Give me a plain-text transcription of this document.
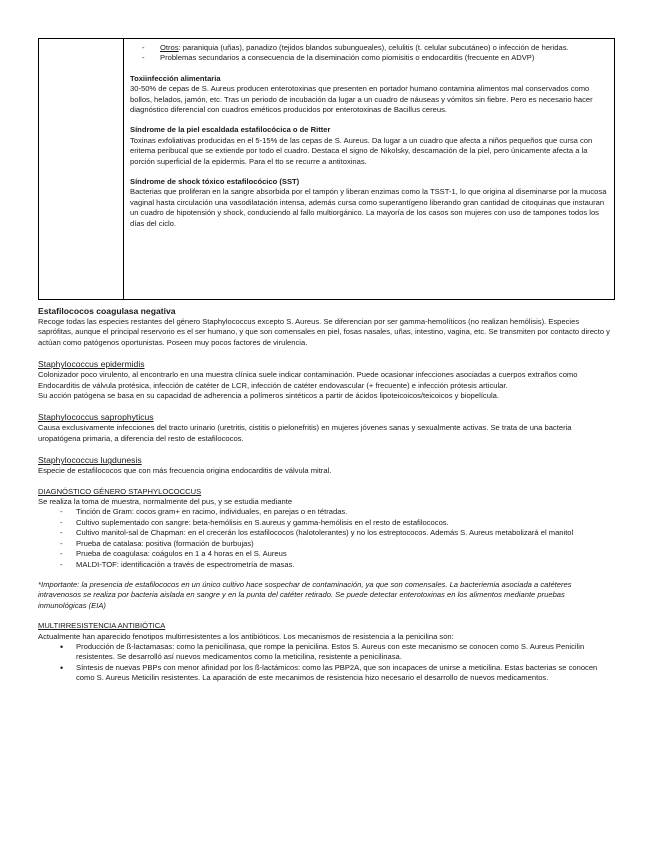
- Otros: paraniquia (uñas), panadizo (tejidos blandos subungueales), celulitis (t. celular subcutáneo) o infección de heridas.
- Problemas secundarios a consecuencia de la diseminación como piomisitis o endocarditis (frecuente en ADVP)
Toxiinfección alimentaria
30-50% de cepas de S. Aureus producen enterotoxinas que presenten en portador humano contamina alimentos mal conservados como bollos, helados, jamón, etc. Tras un periodo de incubación da lugar a un cuadro de náuseas y vómitos sin fiebre. Pero es necesario hacer diagnóstico diferencial con cuadros eméticos producidos por enterotoxinas de Bacillus cereus.
Síndrome de la piel escaldada estafilocócica o de Ritter
Toxinas exfoliativas producidas en el 5-15% de las cepas de S. Aureus. Da lugar a un cuadro que afecta a niños pequeños que cursa con eritema peribucal que se extiende por todo el cuadro. Destaca el signo de Nikolsky, descamación de la piel, pero únicamente afecta a la porción superficial de la epidermis. Para el tto se recurre a antitoxinas.
Síndrome de shock tóxico estafilocócico (SST)
Bacterias que proliferan en la sangre absorbida por el tampón y liberan enzimas como la TSST-1, lo que origina al diseminarse por la mucosa vaginal hasta circulación una vasodilatación intensa, además cursa como superantígeno liberando gran cantidad de citoquinas que instauran un cuadro de hipotensión y shock, conduciendo al fallo multiorgánico. La mayoría de los casos son mujeres con uso de tampones todos los días del ciclo.
Estafilococos coagulasa negativa
Recoge todas las especies restantes del género Staphylococcus excepto S. Aureus. Se diferencian por ser gamma-hemolíticos (no realizan hemólisis). Especies saprófitas, aunque el principal reservorio es el ser humano, y que son comensales en piel, fosas nasales, uñas, intestino, vagina, etc. Se transmiten por contacto directo y actúan como patógenos oportunistas. Poseen muy pocos factores de virulencia.
Staphylococcus epidermidis
Colonizador poco virulento, al encontrarlo en una muestra clínica suele indicar contaminación. Puede ocasionar infecciones asociadas a cuerpos extraños como Endocarditis de válvula protésica, infección de catéter de LCR, infección de catéter endovascular (+ frecuente) e infección prótesis articular.
Su acción patógena se basa en su capacidad de adherencia a polímeros sintéticos a partir de ácidos lipoteicoicos/teicoicos y biopelícula.
Staphylococcus saprophyticus
Causa exclusivamente infecciones del tracto urinario (uretritis, cistitis o pielonefritis) en mujeres jóvenes sanas y sexualmente activas. Se trata de una bacteria uropatógena primaria, a diferencia del resto de estafilococos.
Staphylococcus lugdunesis
Especie de estafilococos que con más frecuencia origina endocarditis de válvula mitral.
DIAGNÓSTICO GÉNERO STAPHYLOCOCCUS
Se realiza la toma de muestra, normalmente del pus, y se estudia mediante
- Tinción de Gram: cocos gram+ en racimo, individuales, en parejas o en tétradas.
- Cultivo suplementado con sangre: beta-hemólisis en S.aureus y gamma-hemólisis en el resto de estafilococos.
- Cultivo manitol-sal de Chapman: en el crecerán los estafilococos (halotolerantes) y no los estreptococos. Además S. Aureus metabolizará el manitol
- Prueba de catalasa: positiva (formación de burbujas)
- Prueba de coagulasa: coágulos en 1 a 4 horas en el S. Aureus
- MALDI-TOF: identificación a través de espectrometría de masas.
*Importante: la presencia de estafilococos en un único cultivo hace sospechar de contaminación, ya que son comensales. La bacteriemia asociada a catéteres intravenosos se realiza por bacteria aislada en sangre y en la punta del catéter retirado. Se puede detectar enterotoxinas en los alimentos mediante pruebas inmunológicas (EIA)
MULTIRRESISTENCIA ANTIBIÓTICA
Actualmente han aparecido fenotipos multirresistentes a los antibióticos. Los mecanismos de resistencia a la penicilina son:
• Producción de ß-lactamasas: como la penicilinasa, que rompe la penicilina. Estos S. Aureus con este mecanismo se conocen como S. Aureus Penicilin resistentes. Se desarrolló así nuevos medicamentos como la meticilina, resistente a penicilinasa.
• Síntesis de nuevas PBPs con menor afinidad por los ß-lactámicos: como las PBP2A, que son incapaces de unirse a meticilina. Estas bacterias se conocen como S. Aureus Meticilin resistentes. La aparación de este mecanimos de resistencia hizo necesario el desarrollo de nuevos medicamentos.
